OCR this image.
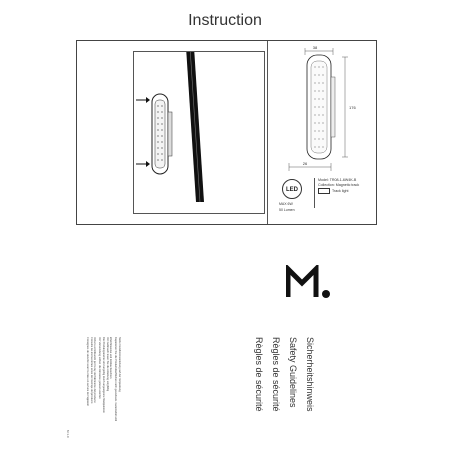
Instruction
38
176
26
LED
MAX 6W
50 Lumen
Model: TR08-1-6W4K-B
Collection: Magnetic track
Track light
Sicherheitshinweis
Safety Guidelines
Règles de sécurité
Règles de sécurité
Siehe Installationsanleitung auf der Verpackung
Reparieren Sie die Produktoberflächen nicht gewaltsam. Garantiefall wird
Warnhinweise und Einbau beachten
Vor Gebrauch lesen Sie die Anleitung sorgfältig
Die Produktgarantie wird ungültig durch ungeeignete Manipulation
Vor Verwendung sollten die Hinweise gelesen werden
Volta la contribución por la ley del fabricante del producto
Consulte las instrucciones antes del montaje del producto
Consignes de sécurité avant la mise en service de l'appareil
M 1.0
